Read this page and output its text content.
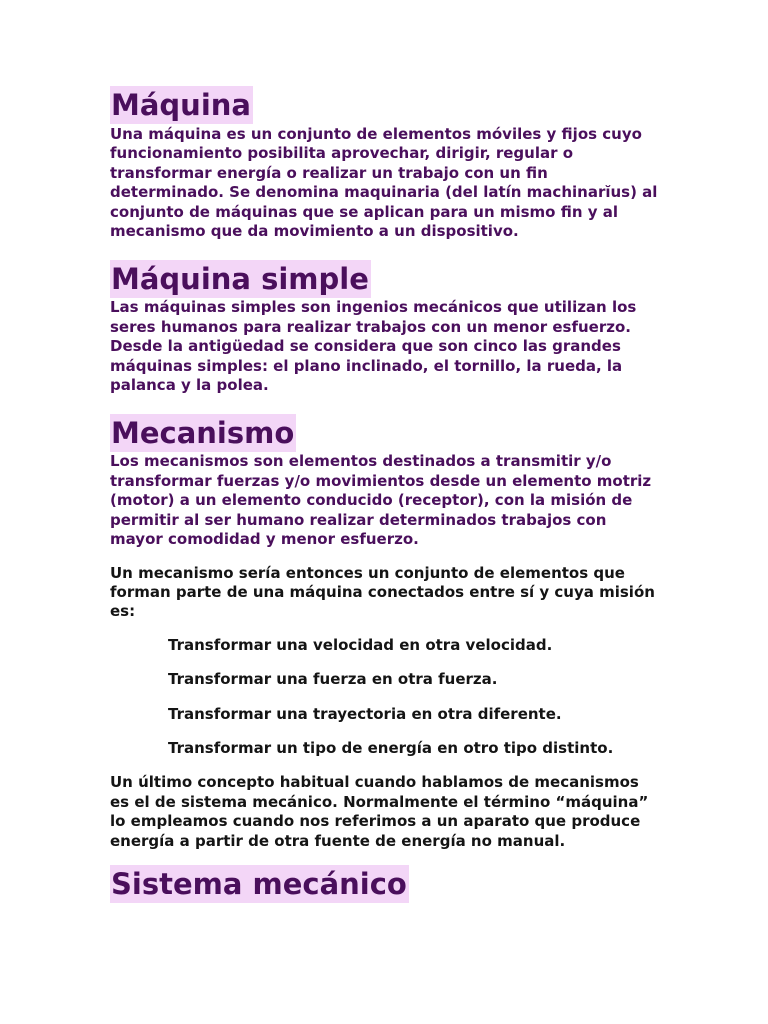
Máquina

Una máquina es un conjunto de elementos móviles y fijos cuyo funcionamiento posibilita aprovechar, dirigir, regular o transformar energía o realizar un trabajo con un fin determinado. Se denomina maquinaria (del latín machinarĭus) al conjunto de máquinas que se aplican para un mismo fin y al mecanismo que da movimiento a un dispositivo.

Máquina simple

Las máquinas simples son ingenios mecánicos que utilizan los seres humanos para realizar trabajos con un menor esfuerzo. Desde la antigüedad se considera que son cinco las grandes máquinas simples: el plano inclinado, el tornillo, la rueda, la palanca y la polea.

Mecanismo

Los mecanismos son elementos destinados a transmitir y/o transformar fuerzas y/o movimientos desde un elemento motriz (motor) a un elemento conducido (receptor), con la misión de permitir al ser humano realizar determinados trabajos con mayor comodidad y menor esfuerzo.

Un mecanismo sería entonces un conjunto de elementos que forman parte de una máquina conectados entre sí y cuya misión es:

Transformar una velocidad en otra velocidad.

Transformar una fuerza en otra fuerza.

Transformar una trayectoria en otra diferente.

Transformar un tipo de energía en otro tipo distinto.

Un último concepto habitual cuando hablamos de mecanismos es el de sistema mecánico. Normalmente el término “máquina” lo empleamos cuando nos referimos a un aparato que produce energía a partir de otra fuente de energía no manual.

Sistema mecánico
